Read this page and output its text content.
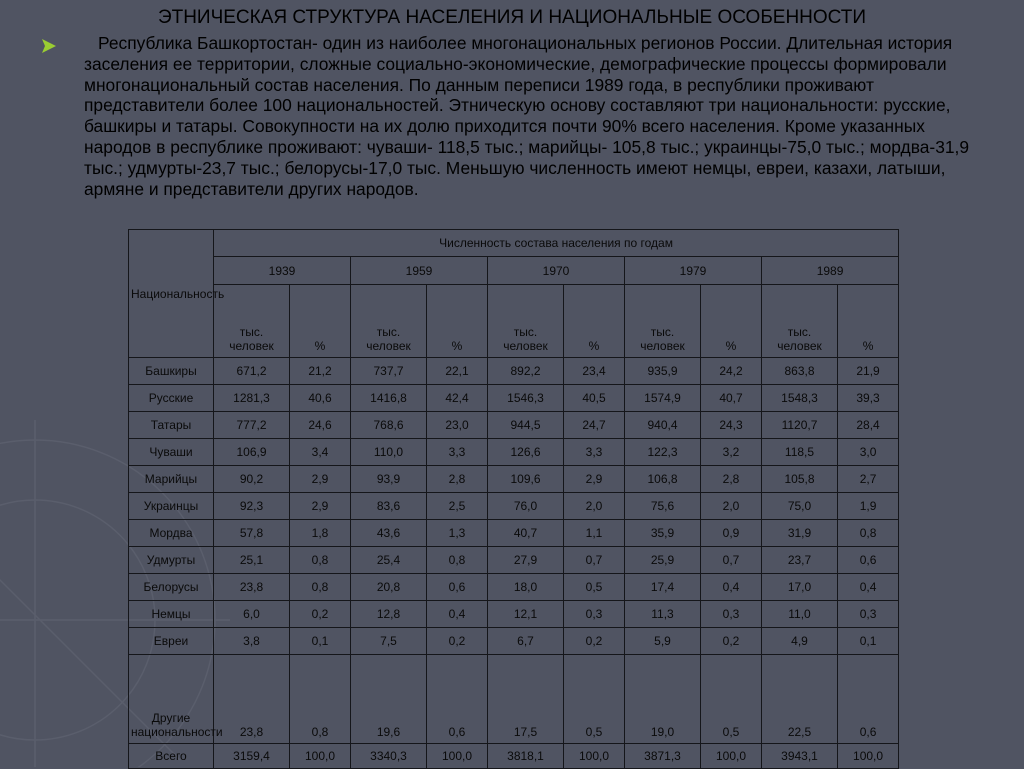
ЭТНИЧЕСКАЯ СТРУКТУРА НАСЕЛЕНИЯ И НАЦИОНАЛЬНЫЕ ОСОБЕННОСТИ
Республика Башкортостан- один из наиболее многонациональных регионов России. Длительная история заселения ее территории, сложные социально-экономические, демографические процессы формировали многонациональный состав населения. По данным переписи 1989 года, в республики проживают представители более 100 национальностей. Этническую основу составляют три национальности: русские, башкиры и татары. Совокупности на их долю приходится почти 90% всего населения. Кроме указанных народов в республике проживают: чуваши- 118,5 тыс.; марийцы- 105,8 тыс.; украинцы-75,0 тыс.; мордва-31,9 тыс.; удмурты-23,7 тыс.; белорусы-17,0 тыс. Меньшую численность имеют немцы, евреи, казахи, латыши, армяне и представители других народов.
Национальность	Численность состава населения по годам									
	1939		1959		1970		1979		1989	
	тыс. человек	%	тыс. человек	%	тыс. человек	%	тыс. человек	%	тыс. человек	%
Башкиры	671,2	21,2	737,7	22,1	892,2	23,4	935,9	24,2	863,8	21,9
Русские	1281,3	40,6	1416,8	42,4	1546,3	40,5	1574,9	40,7	1548,3	39,3
Татары	777,2	24,6	768,6	23,0	944,5	24,7	940,4	24,3	1120,7	28,4
Чуваши	106,9	3,4	110,0	3,3	126,6	3,3	122,3	3,2	118,5	3,0
Марийцы	90,2	2,9	93,9	2,8	109,6	2,9	106,8	2,8	105,8	2,7
Украинцы	92,3	2,9	83,6	2,5	76,0	2,0	75,6	2,0	75,0	1,9
Мордва	57,8	1,8	43,6	1,3	40,7	1,1	35,9	0,9	31,9	0,8
Удмурты	25,1	0,8	25,4	0,8	27,9	0,7	25,9	0,7	23,7	0,6
Белорусы	23,8	0,8	20,8	0,6	18,0	0,5	17,4	0,4	17,0	0,4
Немцы	6,0	0,2	12,8	0,4	12,1	0,3	11,3	0,3	11,0	0,3
Евреи	3,8	0,1	7,5	0,2	6,7	0,2	5,9	0,2	4,9	0,1
Другие национальности	23,8	0,8	19,6	0,6	17,5	0,5	19,0	0,5	22,5	0,6
Всего	3159,4	100,0	3340,3	100,0	3818,1	100,0	3871,3	100,0	3943,1	100,0
